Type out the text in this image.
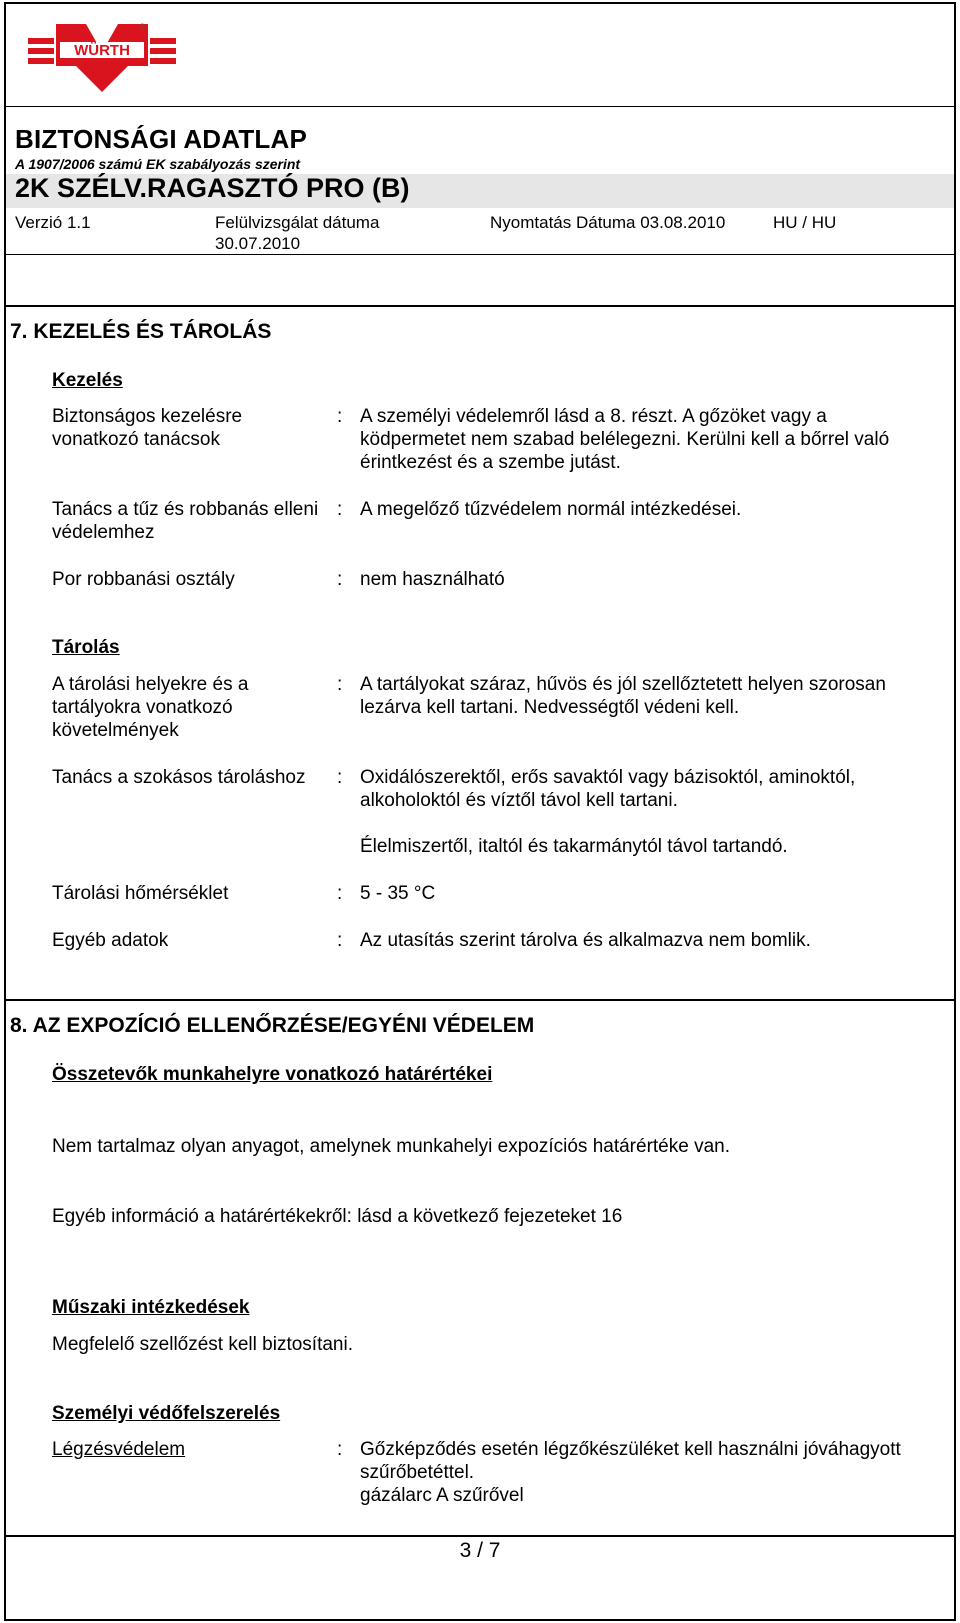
WÜRTH
®
BIZTONSÁGI ADATLAP
A 1907/2006 számú EK szabályozás szerint
2K SZÉLV.RAGASZTÓ PRO (B)
Verzió 1.1	Felülvizsgálat dátuma
30.07.2010
Nyomtatás Dátuma 03.08.2010	HU / HU
7. KEZELÉS ÉS TÁROLÁS
Kezelés
Biztonságos kezelésre vonatkozó tanácsok
: A személyi védelemről lásd a 8. részt. A gőzöket vagy a ködpermetet nem szabad belélegezni. Kerülni kell a bőrrel való érintkezést és a szembe jutást.
Tanács a tűz és robbanás elleni védelemhez
: A megelőző tűzvédelem normál intézkedései.
Por robbanási osztály	: nem használható
Tárolás
A tárolási helyekre és a tartályokra vonatkozó követelmények
: A tartályokat száraz, hűvös és jól szellőztetett helyen szorosan lezárva kell tartani. Nedvességtől védeni kell.
Tanács a szokásos tároláshoz	: Oxidálószerektől, erős savaktól vagy bázisoktól, aminoktól, alkoholoktól és víztől távol kell tartani.
Élelmiszertől, italtól és takarmánytól távol tartandó.
Tárolási hőmérséklet	: 5 - 35 °C
Egyéb adatok	: Az utasítás szerint tárolva és alkalmazva nem bomlik.
8. AZ EXPOZÍCIÓ ELLENŐRZÉSE/EGYÉNI VÉDELEM
Összetevők munkahelyre vonatkozó határértékei
Nem tartalmaz olyan anyagot, amelynek munkahelyi expozíciós határértéke van.
Egyéb információ a határértékekről: lásd a következő fejezeteket 16
Műszaki intézkedések
Megfelelő szellőzést kell biztosítani.
Személyi védőfelszerelés
Légzésvédelem	: Gőzképződés esetén légzőkészüléket kell használni jóváhagyott szűrőbetéttel.
gázálarc A szűrővel
3 / 7
